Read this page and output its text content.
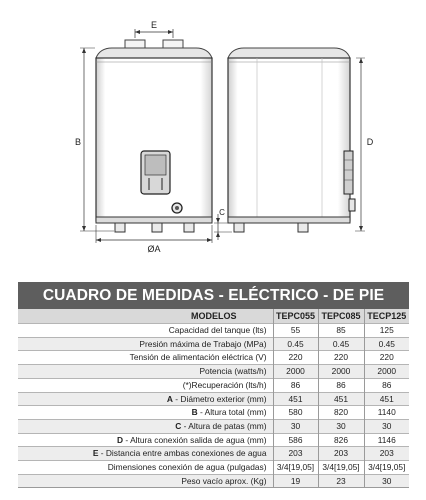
E
B
ØA
C
D
CUADRO DE MEDIDAS - ELÉCTRICO - DE PIE
MODELOS	TEPC055	TEPC085	TECP125
Capacidad del tanque (lts)	55	85	125
Presión máxima de Trabajo (MPa)	0.45	0.45	0.45
Tensión de alimentación eléctrica (V)	220	220	220
Potencia (watts/h)	2000	2000	2000
(*)Recuperación (lts/h)	86	86	86
A - Diámetro exterior (mm)	451	451	451
B - Altura total (mm)	580	820	1140
C - Altura de patas (mm)	30	30	30
D - Altura conexión salida de agua (mm)	586	826	1146
E - Distancia entre ambas conexiones de agua	203	203	203
Dimensiones conexión de agua (pulgadas)	3/4[19,05]	3/4[19,05]	3/4[19,05]
Peso vacío aprox. (Kg)	19	23	30
